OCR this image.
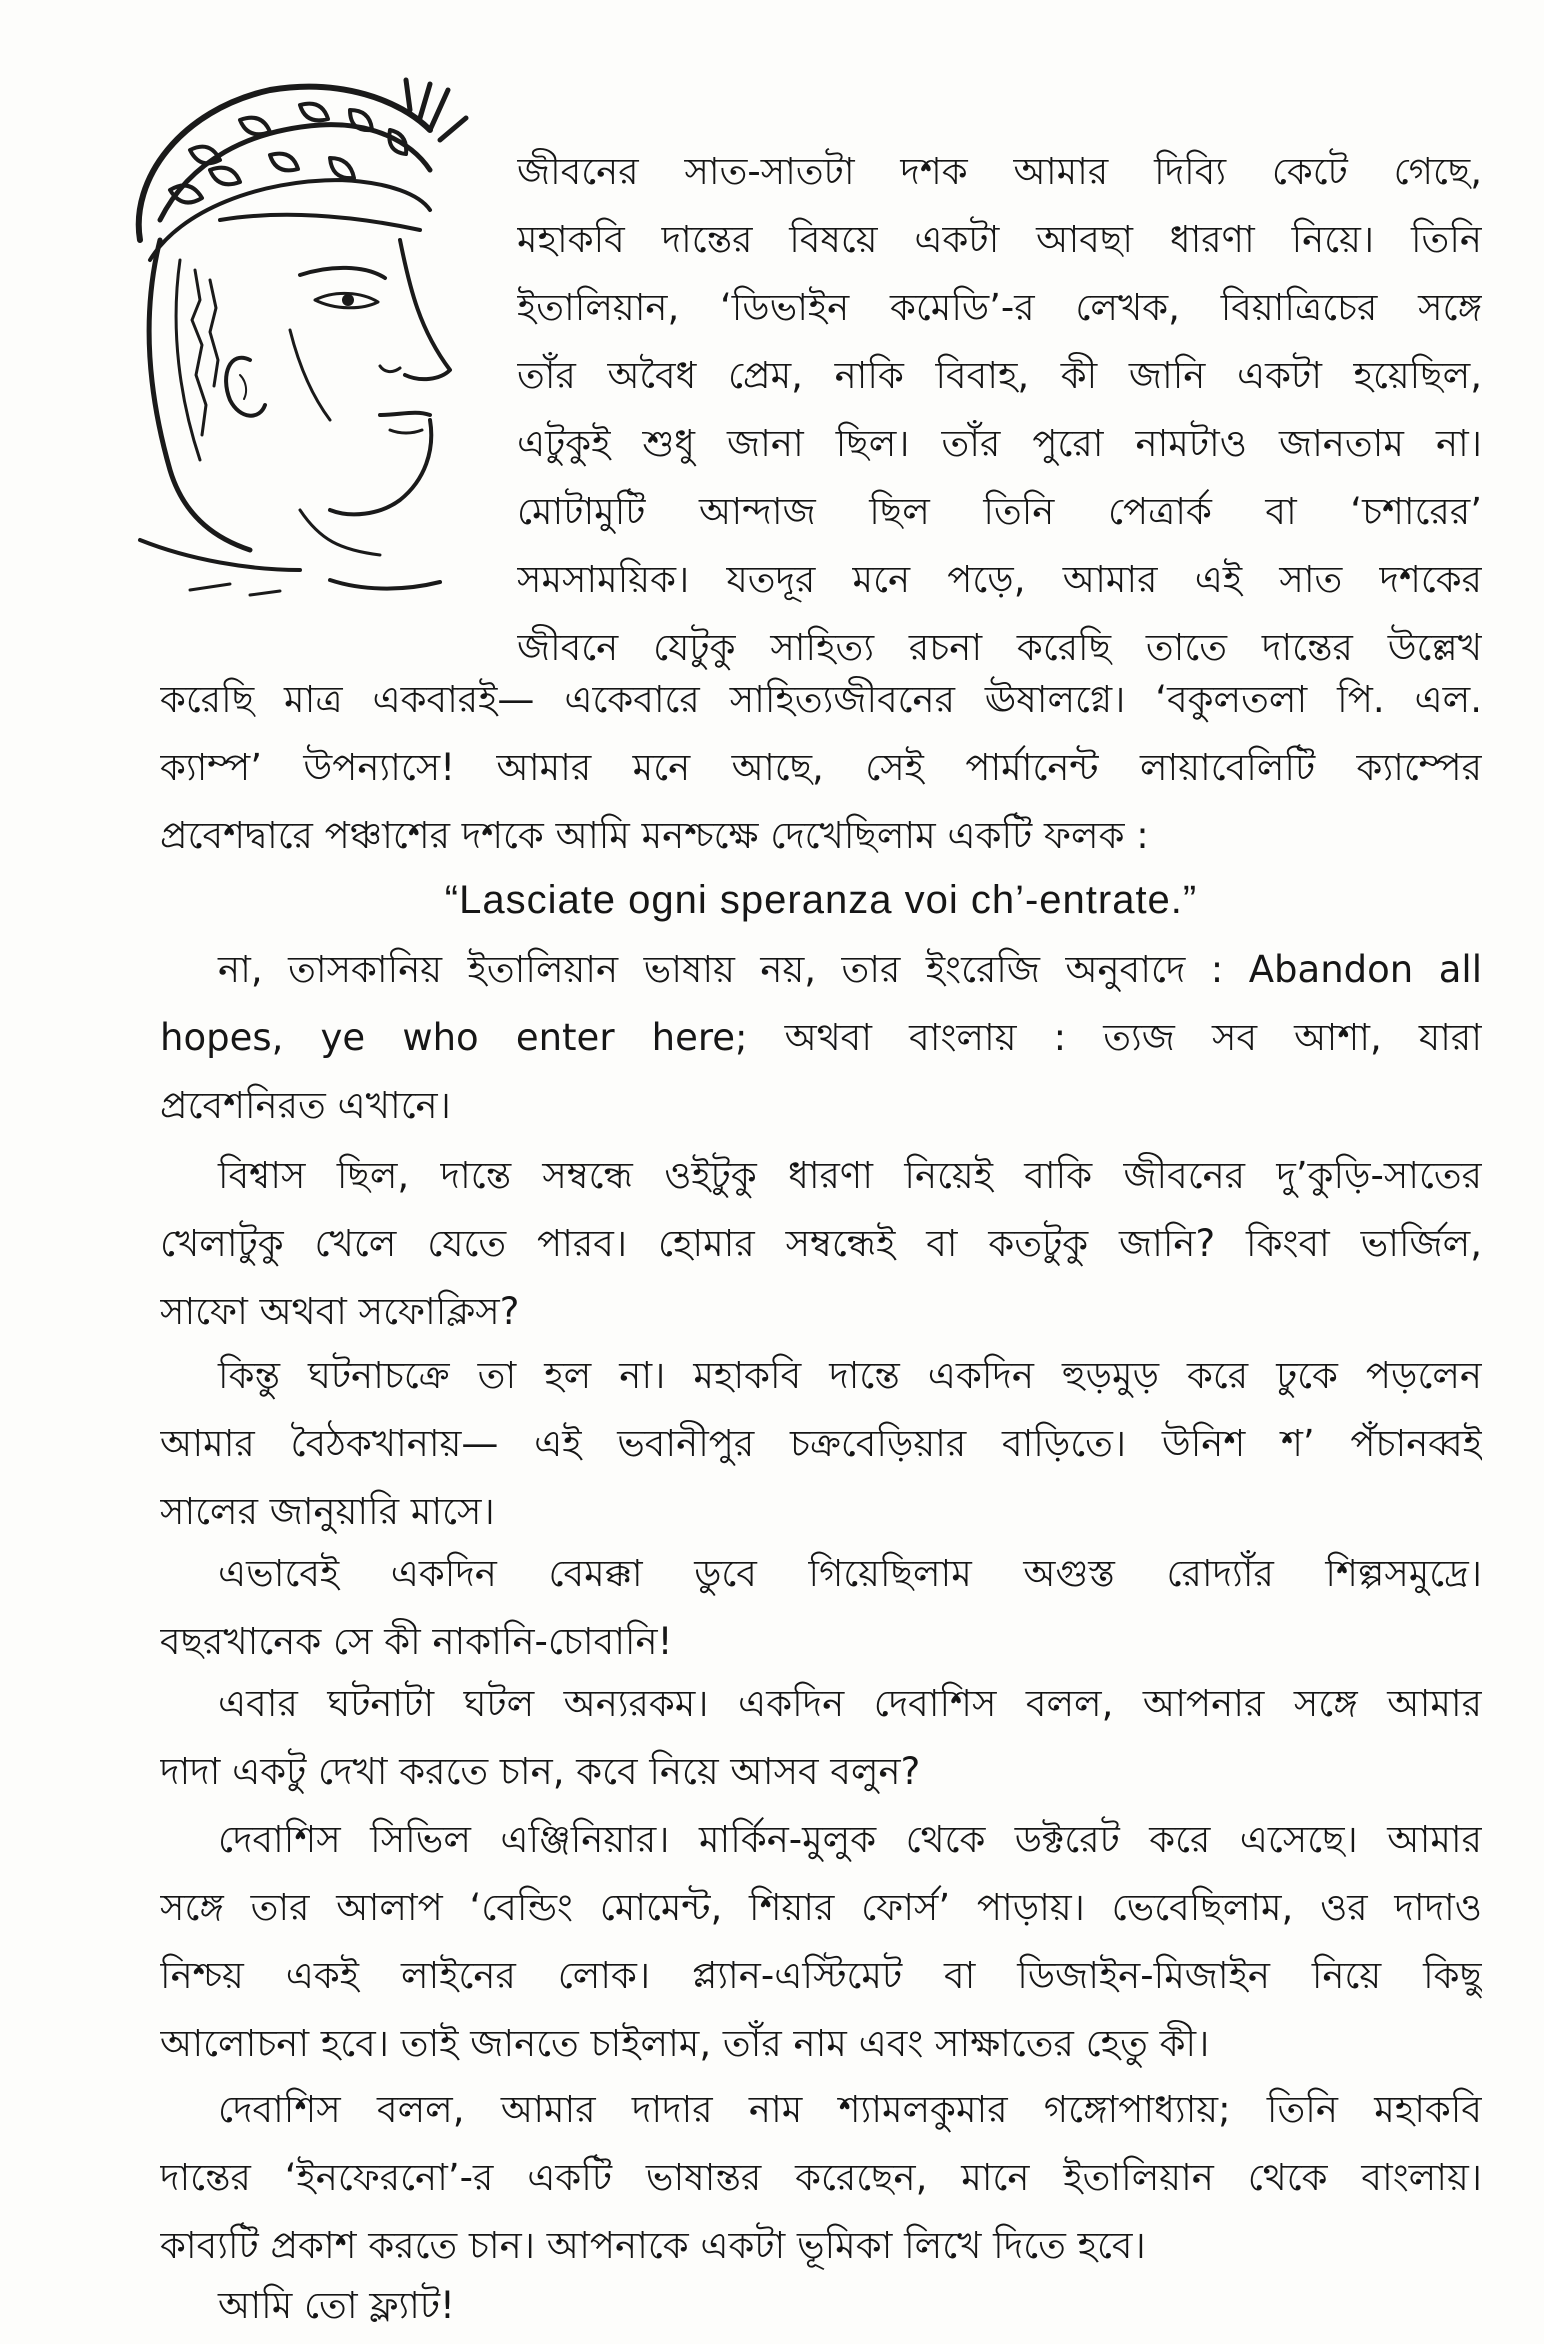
জীবনের সাত-সাতটা দশক আমার দিব্যি কেটে গেছে,
মহাকবি দান্তের বিষয়ে একটা আবছা ধারণা নিয়ে। তিনি
ইতালিয়ান, ‘ডিভাইন কমেডি’-র লেখক, বিয়াত্রিচের সঙ্গে
তাঁর অবৈধ প্রেম, নাকি বিবাহ, কী জানি একটা হয়েছিল,
এটুকুই শুধু জানা ছিল। তাঁর পুরো নামটাও জানতাম না।
মোটামুটি আন্দাজ ছিল তিনি পেত্রার্ক বা ‘চশারের’
সমসাময়িক। যতদূর মনে পড়ে, আমার এই সাত দশকের
জীবনে যেটুকু সাহিত্য রচনা করেছি তাতে দান্তের উল্লেখ
করেছি মাত্র একবারই— একেবারে সাহিত্যজীবনের ঊষালগ্নে। ‘বকুলতলা পি. এল.
ক্যাম্প’ উপন্যাসে! আমার মনে আছে, সেই পার্মানেন্ট লায়াবেলিটি ক্যাম্পের
প্রবেশদ্বারে পঞ্চাশের দশকে আমি মনশ্চক্ষে দেখেছিলাম একটি ফলক :

“Lasciate ogni speranza voi ch’-entrate.”

না, তাসকানিয় ইতালিয়ান ভাষায় নয়, তার ইংরেজি অনুবাদে : Abandon all
hopes, ye who enter here; অথবা বাংলায় : ত্যজ সব আশা, যারা
প্রবেশনিরত এখানে।
বিশ্বাস ছিল, দান্তে সম্বন্ধে ওইটুকু ধারণা নিয়েই বাকি জীবনের দু’কুড়ি-সাতের
খেলাটুকু খেলে যেতে পারব। হোমার সম্বন্ধেই বা কতটুকু জানি? কিংবা ভার্জিল,
সাফো অথবা সফোক্লিস?
কিন্তু ঘটনাচক্রে তা হল না। মহাকবি দান্তে একদিন হুড়মুড় করে ঢুকে পড়লেন
আমার বৈঠকখানায়— এই ভবানীপুর চক্রবেড়িয়ার বাড়িতে। উনিশ শ’ পঁচানব্বই
সালের জানুয়ারি মাসে।
এভাবেই একদিন বেমক্কা ডুবে গিয়েছিলাম অগুস্ত রোদ্যাঁর শিল্পসমুদ্রে।
বছরখানেক সে কী নাকানি-চোবানি!
এবার ঘটনাটা ঘটল অন্যরকম। একদিন দেবাশিস বলল, আপনার সঙ্গে আমার
দাদা একটু দেখা করতে চান, কবে নিয়ে আসব বলুন?
দেবাশিস সিভিল এঞ্জিনিয়ার। মার্কিন-মুলুক থেকে ডক্টরেট করে এসেছে। আমার
সঙ্গে তার আলাপ ‘বেন্ডিং মোমেন্ট, শিয়ার ফোর্স’ পাড়ায়। ভেবেছিলাম, ওর দাদাও
নিশ্চয় একই লাইনের লোক। প্ল্যান-এস্টিমেট বা ডিজাইন-মিজাইন নিয়ে কিছু
আলোচনা হবে। তাই জানতে চাইলাম, তাঁর নাম এবং সাক্ষাতের হেতু কী।
দেবাশিস বলল, আমার দাদার নাম শ্যামলকুমার গঙ্গোপাধ্যায়; তিনি মহাকবি
দান্তের ‘ইনফেরনো’-র একটি ভাষান্তর করেছেন, মানে ইতালিয়ান থেকে বাংলায়।
কাব্যটি প্রকাশ করতে চান। আপনাকে একটা ভূমিকা লিখে দিতে হবে।
আমি তো ফ্ল্যাট!
